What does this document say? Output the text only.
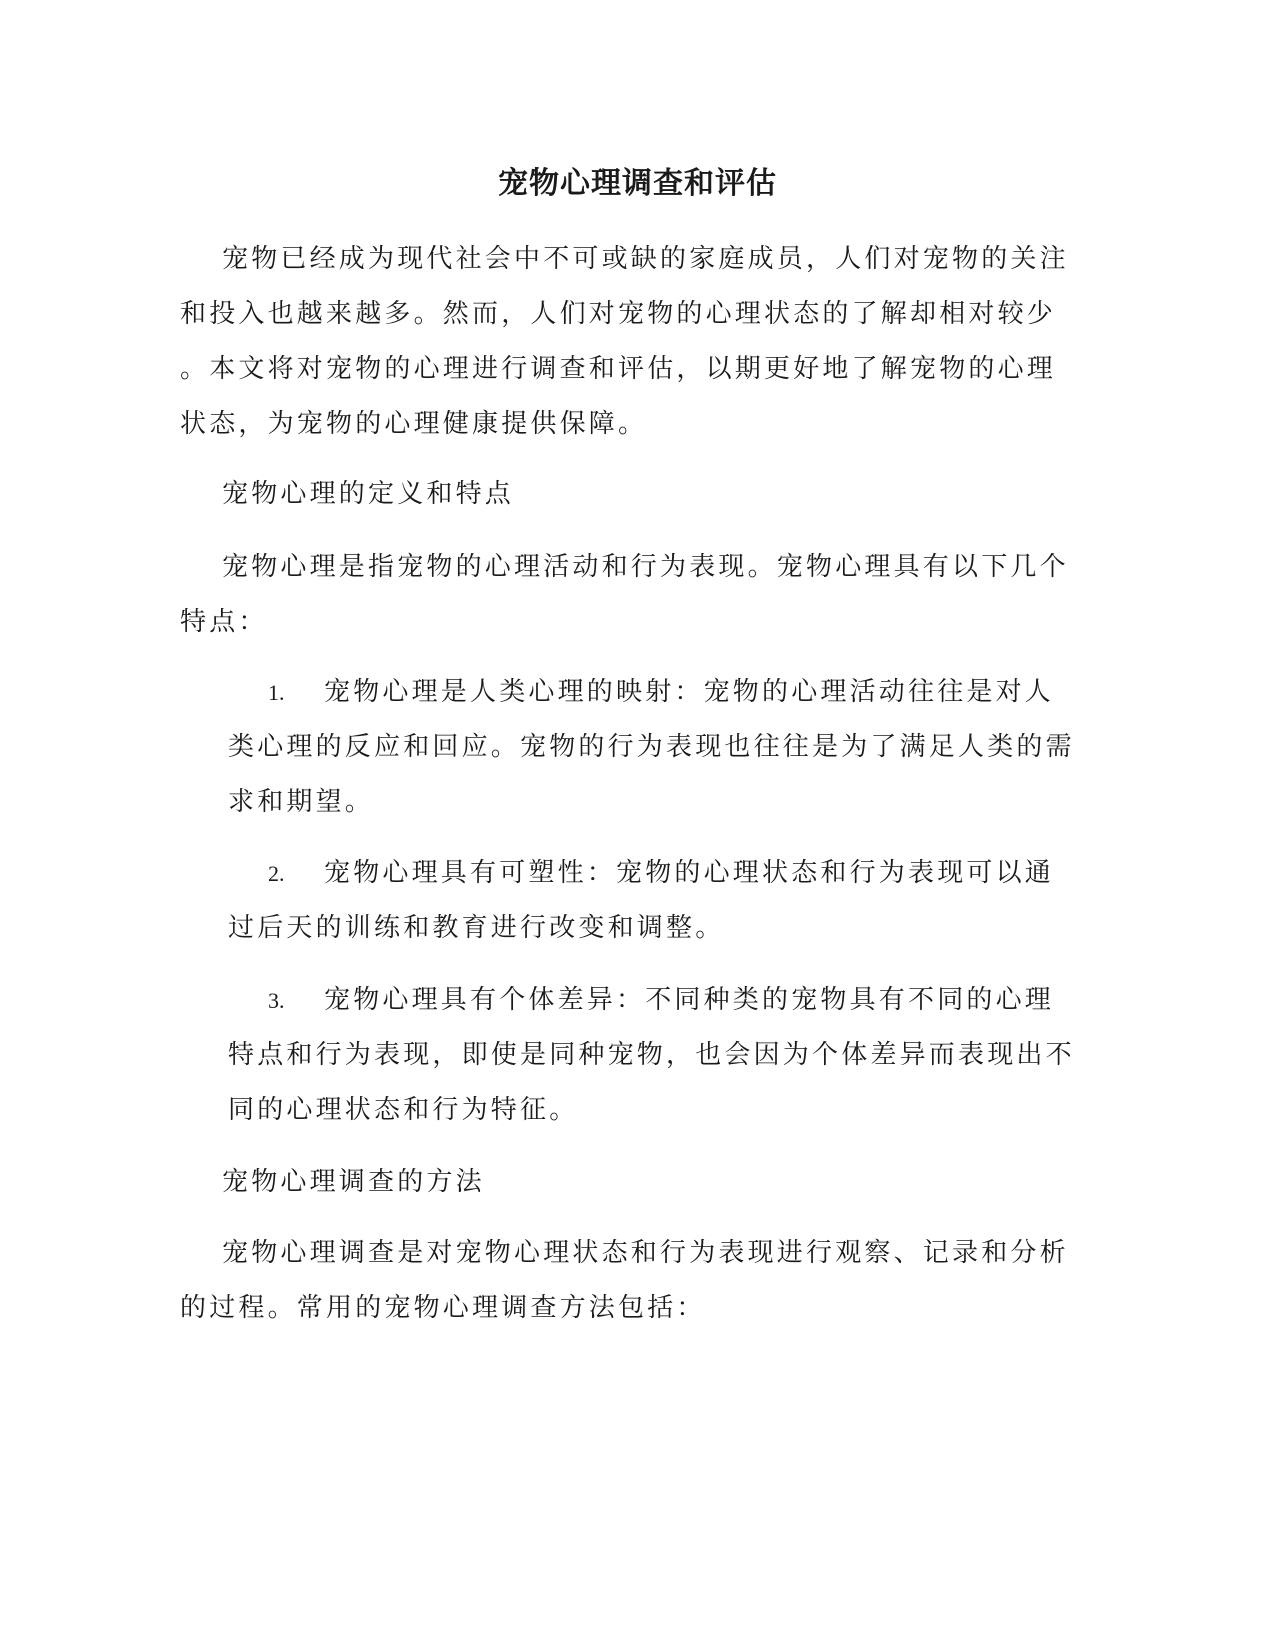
宠物心理调查和评估
宠物已经成为现代社会中不可或缺的家庭成员，人们对宠物的关注
和投入也越来越多。然而，人们对宠物的心理状态的了解却相对较少
。本文将对宠物的心理进行调查和评估，以期更好地了解宠物的心理
状态，为宠物的心理健康提供保障。
宠物心理的定义和特点
宠物心理是指宠物的心理活动和行为表现。宠物心理具有以下几个
特点：
1. 宠物心理是人类心理的映射：宠物的心理活动往往是对人
类心理的反应和回应。宠物的行为表现也往往是为了满足人类的需
求和期望。
2. 宠物心理具有可塑性：宠物的心理状态和行为表现可以通
过后天的训练和教育进行改变和调整。
3. 宠物心理具有个体差异：不同种类的宠物具有不同的心理
特点和行为表现，即使是同种宠物，也会因为个体差异而表现出不
同的心理状态和行为特征。
宠物心理调查的方法
宠物心理调查是对宠物心理状态和行为表现进行观察、记录和分析
的过程。常用的宠物心理调查方法包括：
